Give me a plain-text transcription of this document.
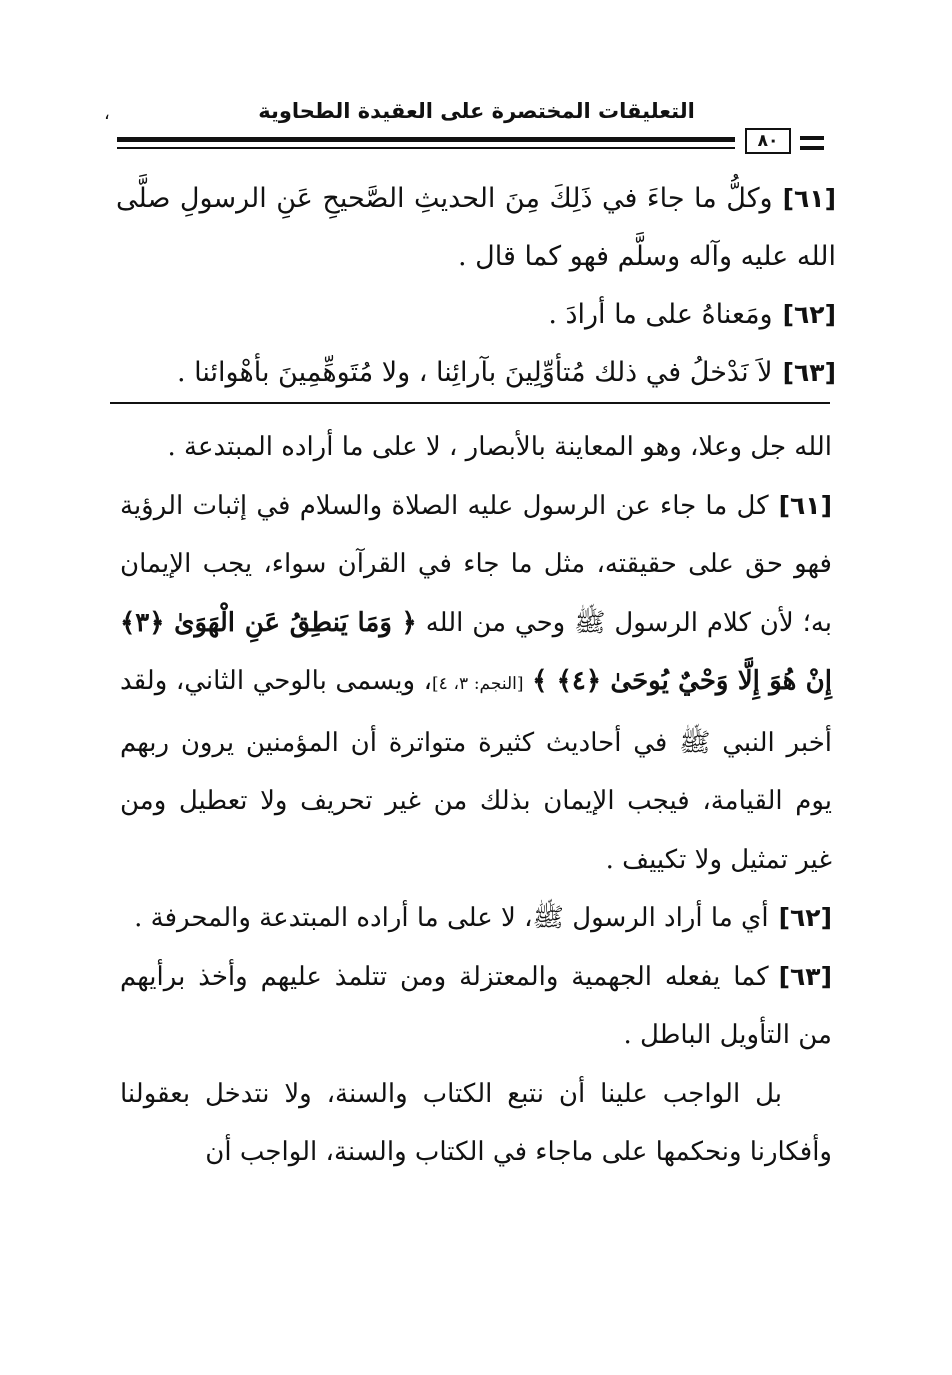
التعليقات المختصرة على العقيدة الطحاوية
،
٨٠

[٦١]وكلُّ ما جاءَ في ذَلِكَ مِنَ الحديثِ الصَّحيحِ عَنِ الرسولِ صلَّى الله عليه وآله وسلَّم فهو كما قال .

[٦٢]ومَعناهُ على ما أرادَ .

[٦٣]لاَ نَدْخلُ في ذلك مُتأوِّلِينَ بآرائِنا ، ولا مُتَوهِّمِينَ بأهْوائنا .

الله جل وعلا، وهو المعاينة بالأبصار ، لا على ما أراده المبتدعة .

[٦١]كل ما جاء عن الرسول عليه الصلاة والسلام في إثبات الرؤية فهو حق على حقيقته، مثل ما جاء في القرآن سواء، يجب الإيمان به؛ لأن كلام الرسول ﷺ وحي من الله ﴿ وَمَا يَنطِقُ عَنِ الْهَوَىٰ ﴿٣﴾ إِنْ هُوَ إِلَّا وَحْيٌ يُوحَىٰ ﴿٤﴾ ﴾ [النجم: ٣، ٤]، ويسمى بالوحي الثاني، ولقد أخبر النبي ﷺ في أحاديث كثيرة متواترة أن المؤمنين يرون ربهم يوم القيامة، فيجب الإيمان بذلك من غير تحريف ولا تعطيل ومن غير تمثيل ولا تكييف .

[٦٢]أي ما أراد الرسول ﷺ، لا على ما أراده المبتدعة والمحرفة .

[٦٣]كما يفعله الجهمية والمعتزلة ومن تتلمذ عليهم وأخذ برأيهم من التأويل الباطل .

بل الواجب علينا أن نتبع الكتاب والسنة، ولا نتدخل بعقولنا وأفكارنا ونحكمها على ماجاء في الكتاب والسنة، الواجب أن
